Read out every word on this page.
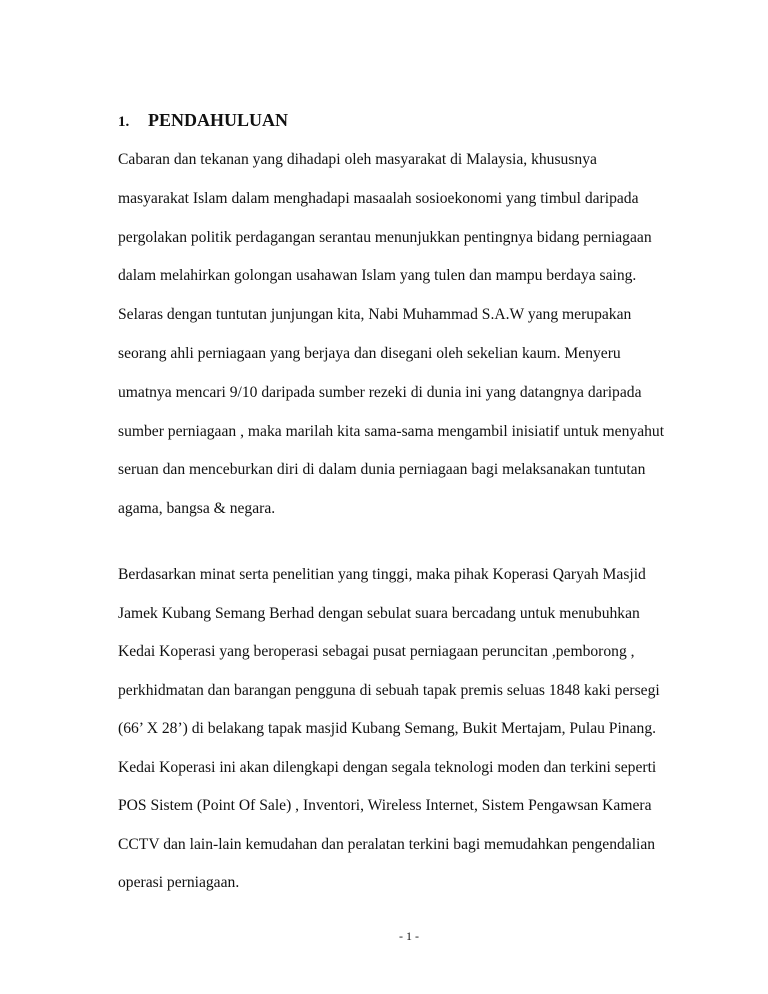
1. PENDAHULUAN
Cabaran dan tekanan yang dihadapi oleh masyarakat di Malaysia, khususnya
masyarakat Islam dalam menghadapi masaalah sosioekonomi yang timbul daripada
pergolakan politik perdagangan serantau menunjukkan pentingnya bidang perniagaan
dalam melahirkan golongan usahawan Islam yang tulen dan mampu berdaya saing.
Selaras dengan tuntutan junjungan kita, Nabi Muhammad S.A.W yang merupakan
seorang ahli perniagaan yang berjaya dan disegani oleh sekelian kaum. Menyeru
umatnya mencari 9/10 daripada sumber rezeki di dunia ini yang datangnya daripada
sumber perniagaan , maka marilah kita sama-sama mengambil inisiatif untuk menyahut
seruan dan menceburkan diri di dalam dunia perniagaan bagi melaksanakan tuntutan
agama, bangsa & negara.
Berdasarkan minat serta penelitian yang tinggi, maka pihak Koperasi Qaryah Masjid
Jamek Kubang Semang Berhad dengan sebulat suara bercadang untuk menubuhkan
Kedai Koperasi yang beroperasi sebagai pusat perniagaan peruncitan ,pemborong ,
perkhidmatan dan barangan pengguna di sebuah tapak premis seluas 1848 kaki persegi
(66’ X 28’) di belakang tapak masjid Kubang Semang, Bukit Mertajam, Pulau Pinang.
Kedai Koperasi ini akan dilengkapi dengan segala teknologi moden dan terkini seperti
POS Sistem (Point Of Sale) , Inventori, Wireless Internet, Sistem Pengawsan Kamera
CCTV dan lain-lain kemudahan dan peralatan terkini bagi memudahkan pengendalian
operasi perniagaan.
- 1 -
